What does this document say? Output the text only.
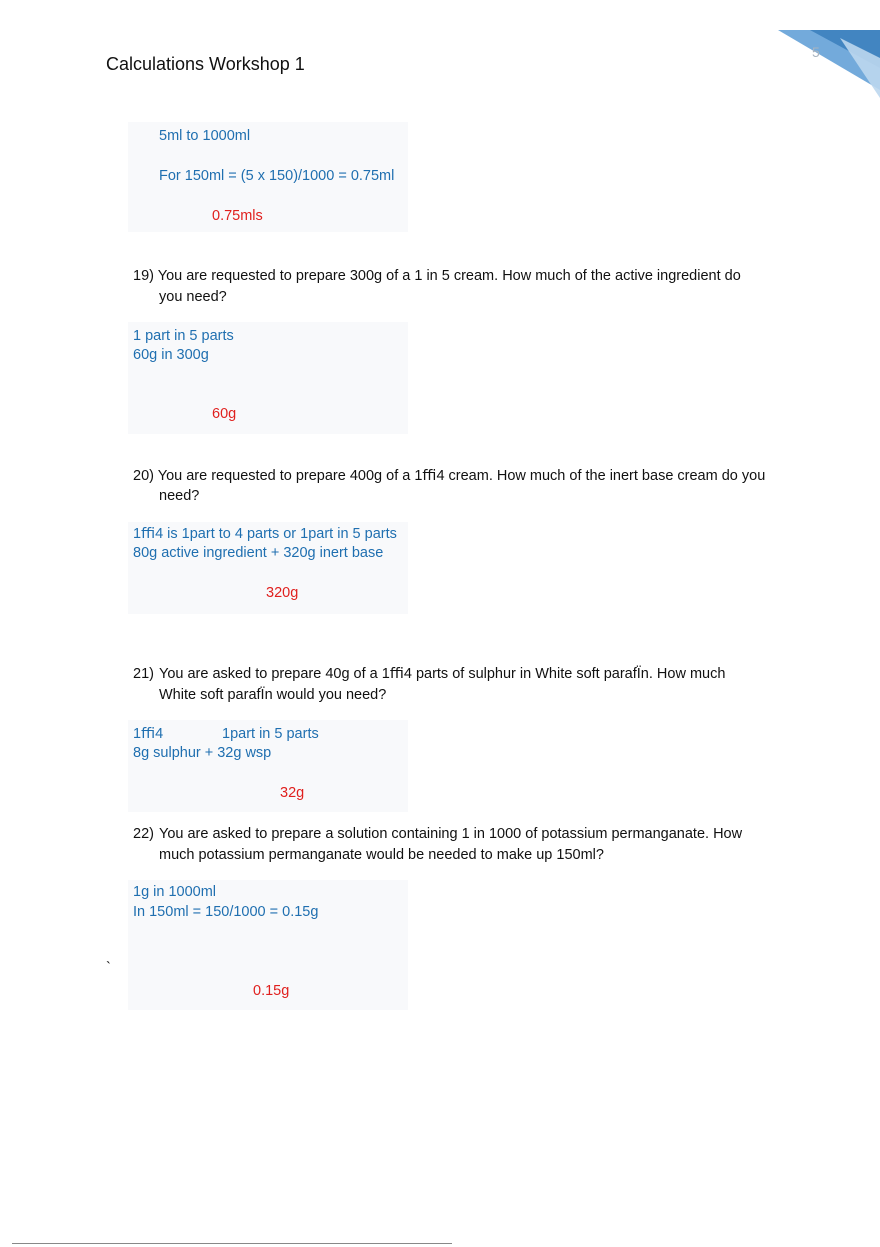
Calculations Workshop 1
5
5ml to 1000ml
For 150ml = (5 x 150)/1000 = 0.75ml
0.75mls
19) You are requested to prepare 300g of a 1 in 5 cream. How much of the active ingredient do
you need?
1 part in 5 parts
60g in 300g
60g
20) You are requested to prepare 400g of a 1ﬃ4 cream. How much of the inert base cream do you
need?
1ﬃ4 is 1part to 4 parts or 1part in 5 parts
80g active ingredient + 320g inert base
320g
21) You are asked to prepare 40g of a 1ﬃ4 parts of sulphur in White soft parafÏn. How much
White soft parafÏn would you need?
1ﬃ4	1part in 5 parts
8g sulphur + 32g wsp
32g
22) You are asked to prepare a solution containing 1 in 1000 of potassium permanganate. How
much potassium permanganate would be needed to make up 150ml?
1g in 1000ml
In 150ml = 150/1000 = 0.15g
`
0.15g
